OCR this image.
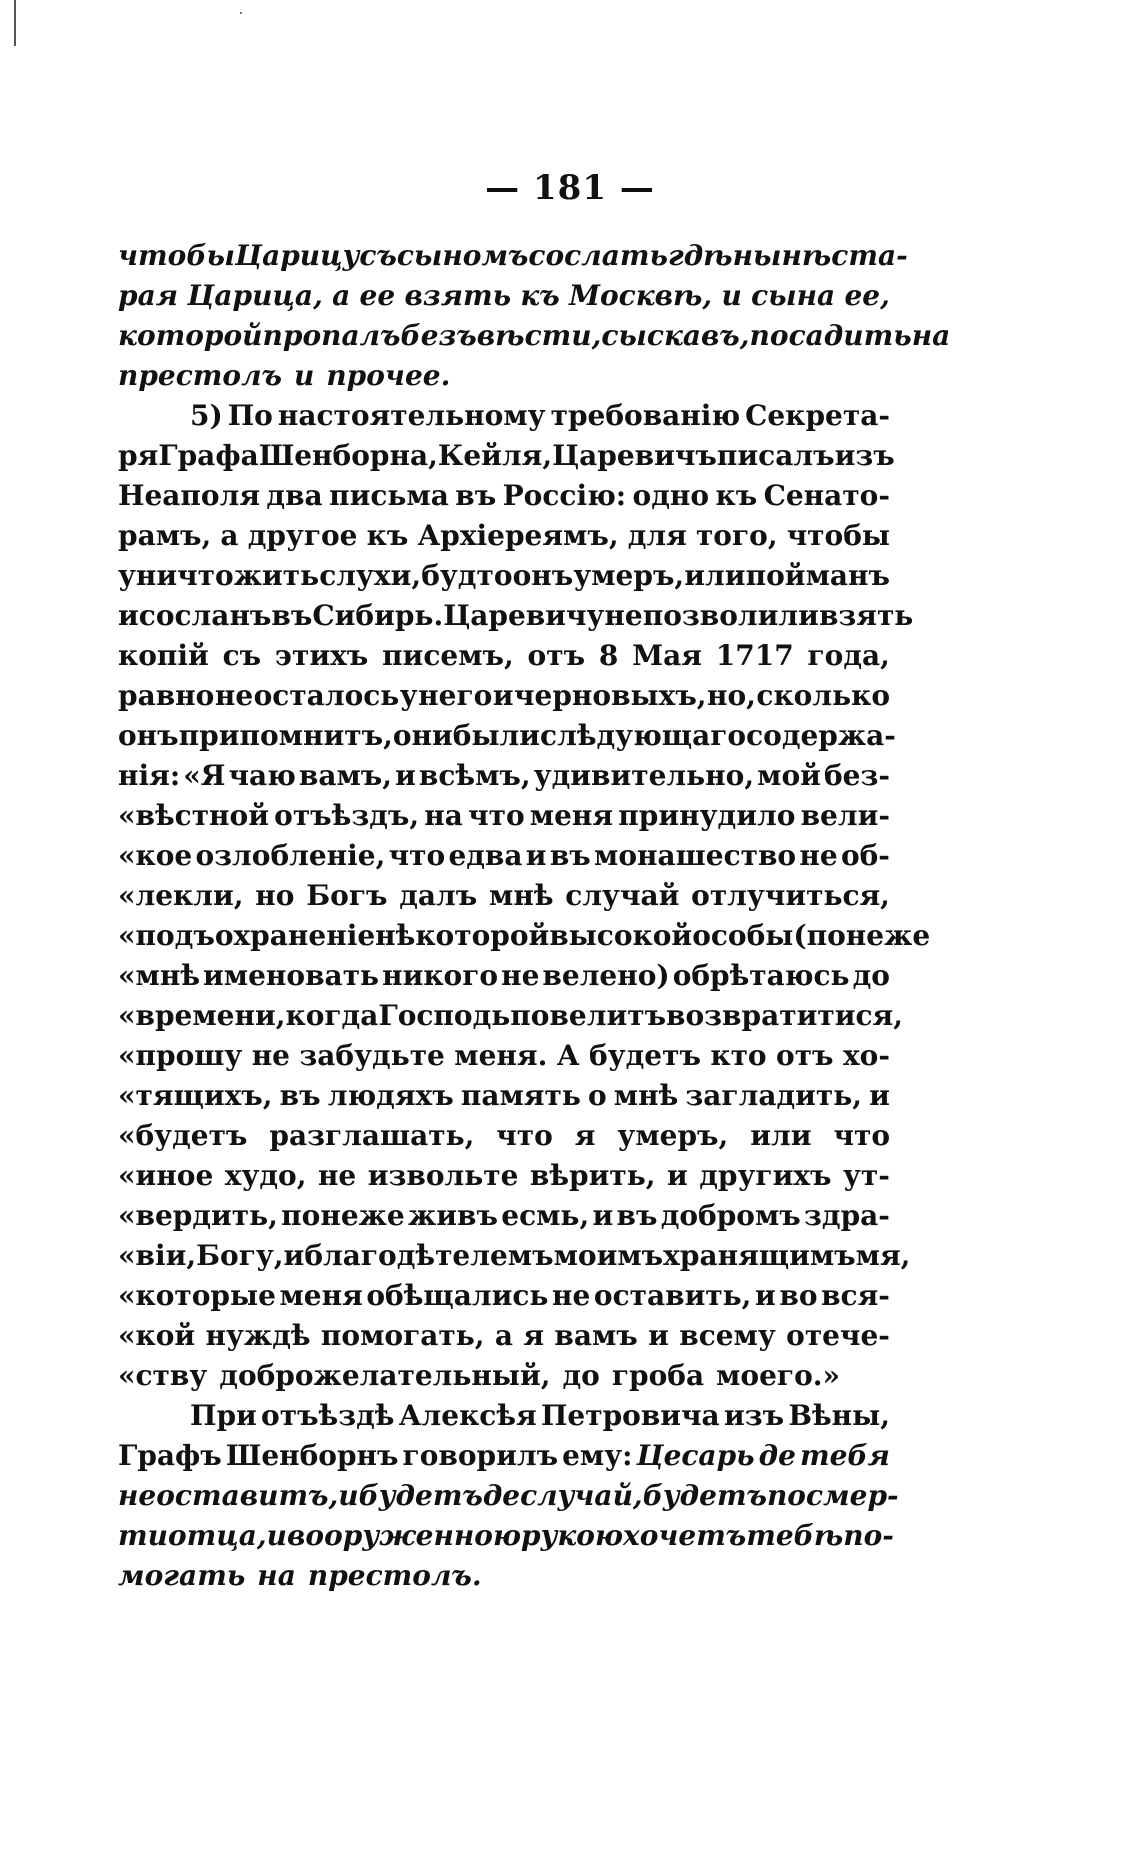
— 181 —
чтобы Царицу съ сыномъ сослать гдѣ нынѣ ста-
рая Царица, а ее взять къ Москвѣ, и сына ее,
которой пропалъ безъ вѣсти, сыскавъ, посадить на
престолъ и прочее.
5) По настоятельному требованію Секрета-
ря Графа Шенборна, Кейля, Царевичъ писалъ изъ
Неаполя два письма въ Россію: одно къ Сенато-
рамъ, а другое къ Архіереямъ, для того, чтобы
уничтожить слухи, будто онъ умеръ, или пойманъ
и сосланъ въ Сибирь. Царевичу не позволили взять
копій съ этихъ писемъ, отъ 8 Мая 1717 года,
равно не осталось у него и черновыхъ, но, сколько
онъ припомнитъ, они были слѣдующаго содержа-
нія: «Я чаю вамъ, и всѣмъ, удивительно, мой без-
«вѣстной отъѣздъ, на что меня принудило вели-
«кое озлобленіе, что едва и въ монашество не об-
«лекли, но Богъ далъ мнѣ случай отлучиться,
«подъ охраненіе нѣкоторой высокой особы (понеже
«мнѣ именовать никого не велено) обрѣтаюсь до
«времени, когда Господь повелитъ возвратитися,
«прошу не забудьте меня. А будетъ кто отъ хо-
«тящихъ, въ людяхъ память о мнѣ загладить, и
«будетъ разглашать, что я умеръ, или что
«иное худо, не извольте вѣрить, и другихъ ут-
«вердить, понеже живъ есмь, и въ добромъ здра-
«віи, Богу, и благодѣтелемъ моимъ хранящимъ мя,
«которые меня обѣщались не оставить, и во вся-
«кой нуждѣ помогать, а я вамъ и всему отече-
«ству доброжелательный, до гроба моего.»
При отъѣздѣ Алексѣя Петровича изъ Вѣны,
Графъ Шенборнъ говорилъ ему: Цесарь де тебя
не оставитъ, и будетъ де случай, будетъ по смер-
ти отца, и вооруженною рукою хочетъ тебѣ по-
могать на престолъ.
